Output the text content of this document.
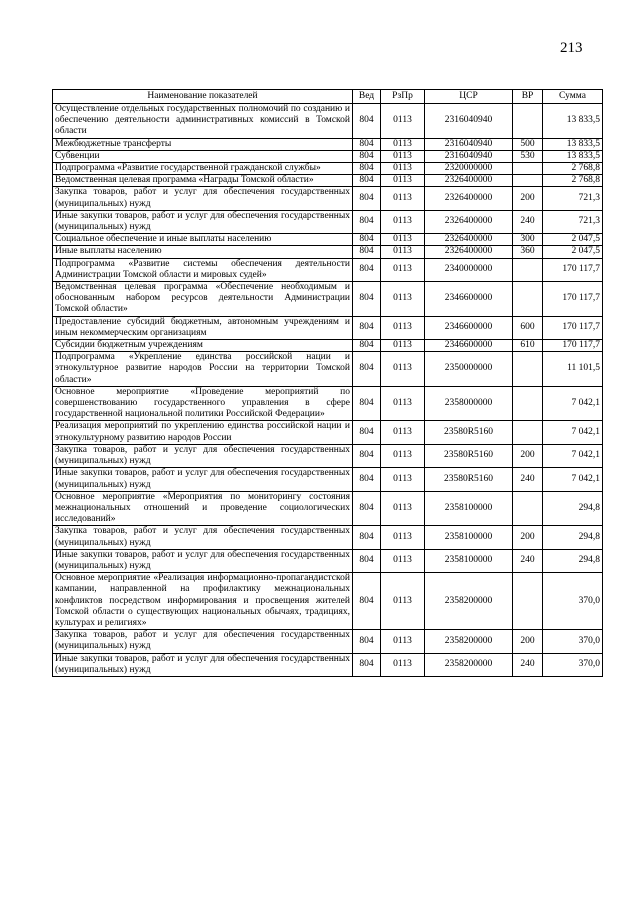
213
Наименование показателей	Вед	РзПр	ЦСР	ВР	Сумма
Осуществление отдельных государственных полномочий по созданию и обеспечению деятельности административных комиссий в Томской области	804	0113	2316040940		13 833,5
Межбюджетные трансферты	804	0113	2316040940	500	13 833,5
Субвенции	804	0113	2316040940	530	13 833,5
Подпрограмма «Развитие государственной гражданской службы»	804	0113	2320000000		2 768,8
Ведомственная целевая программа «Награды Томской области»	804	0113	2326400000		2 768,8
Закупка товаров, работ и услуг для обеспечения государственных (муниципальных) нужд	804	0113	2326400000	200	721,3
Иные закупки товаров, работ и услуг для обеспечения государственных (муниципальных) нужд	804	0113	2326400000	240	721,3
Социальное обеспечение и иные выплаты населению	804	0113	2326400000	300	2 047,5
Иные выплаты населению	804	0113	2326400000	360	2 047,5
Подпрограмма «Развитие системы обеспечения деятельности Администрации Томской области и мировых судей»	804	0113	2340000000		170 117,7
Ведомственная целевая программа «Обеспечение необходимым и обоснованным набором ресурсов деятельности Администрации Томской области»	804	0113	2346600000		170 117,7
Предоставление субсидий бюджетным, автономным учреждениям и иным некоммерческим организациям	804	0113	2346600000	600	170 117,7
Субсидии бюджетным учреждениям	804	0113	2346600000	610	170 117,7
Подпрограмма «Укрепление единства российской нации и этнокультурное развитие народов России на территории Томской области»	804	0113	2350000000		11 101,5
Основное мероприятие «Проведение мероприятий по совершенствованию государственного управления в сфере государственной национальной политики Российской Федерации»	804	0113	2358000000		7 042,1
Реализация мероприятий по укреплению единства российской нации и этнокультурному развитию народов России	804	0113	23580R5160		7 042,1
Закупка товаров, работ и услуг для обеспечения государственных (муниципальных) нужд	804	0113	23580R5160	200	7 042,1
Иные закупки товаров, работ и услуг для обеспечения государственных (муниципальных) нужд	804	0113	23580R5160	240	7 042,1
Основное мероприятие «Мероприятия по мониторингу состояния межнациональных отношений и проведение социологических исследований»	804	0113	2358100000		294,8
Закупка товаров, работ и услуг для обеспечения государственных (муниципальных) нужд	804	0113	2358100000	200	294,8
Иные закупки товаров, работ и услуг для обеспечения государственных (муниципальных) нужд	804	0113	2358100000	240	294,8
Основное мероприятие «Реализация информационно-пропагандистской кампании, направленной на профилактику межнациональных конфликтов посредством информирования и просвещения жителей Томской области о существующих национальных обычаях, традициях, культурах и религиях»	804	0113	2358200000		370,0
Закупка товаров, работ и услуг для обеспечения государственных (муниципальных) нужд	804	0113	2358200000	200	370,0
Иные закупки товаров, работ и услуг для обеспечения государственных (муниципальных) нужд	804	0113	2358200000	240	370,0
